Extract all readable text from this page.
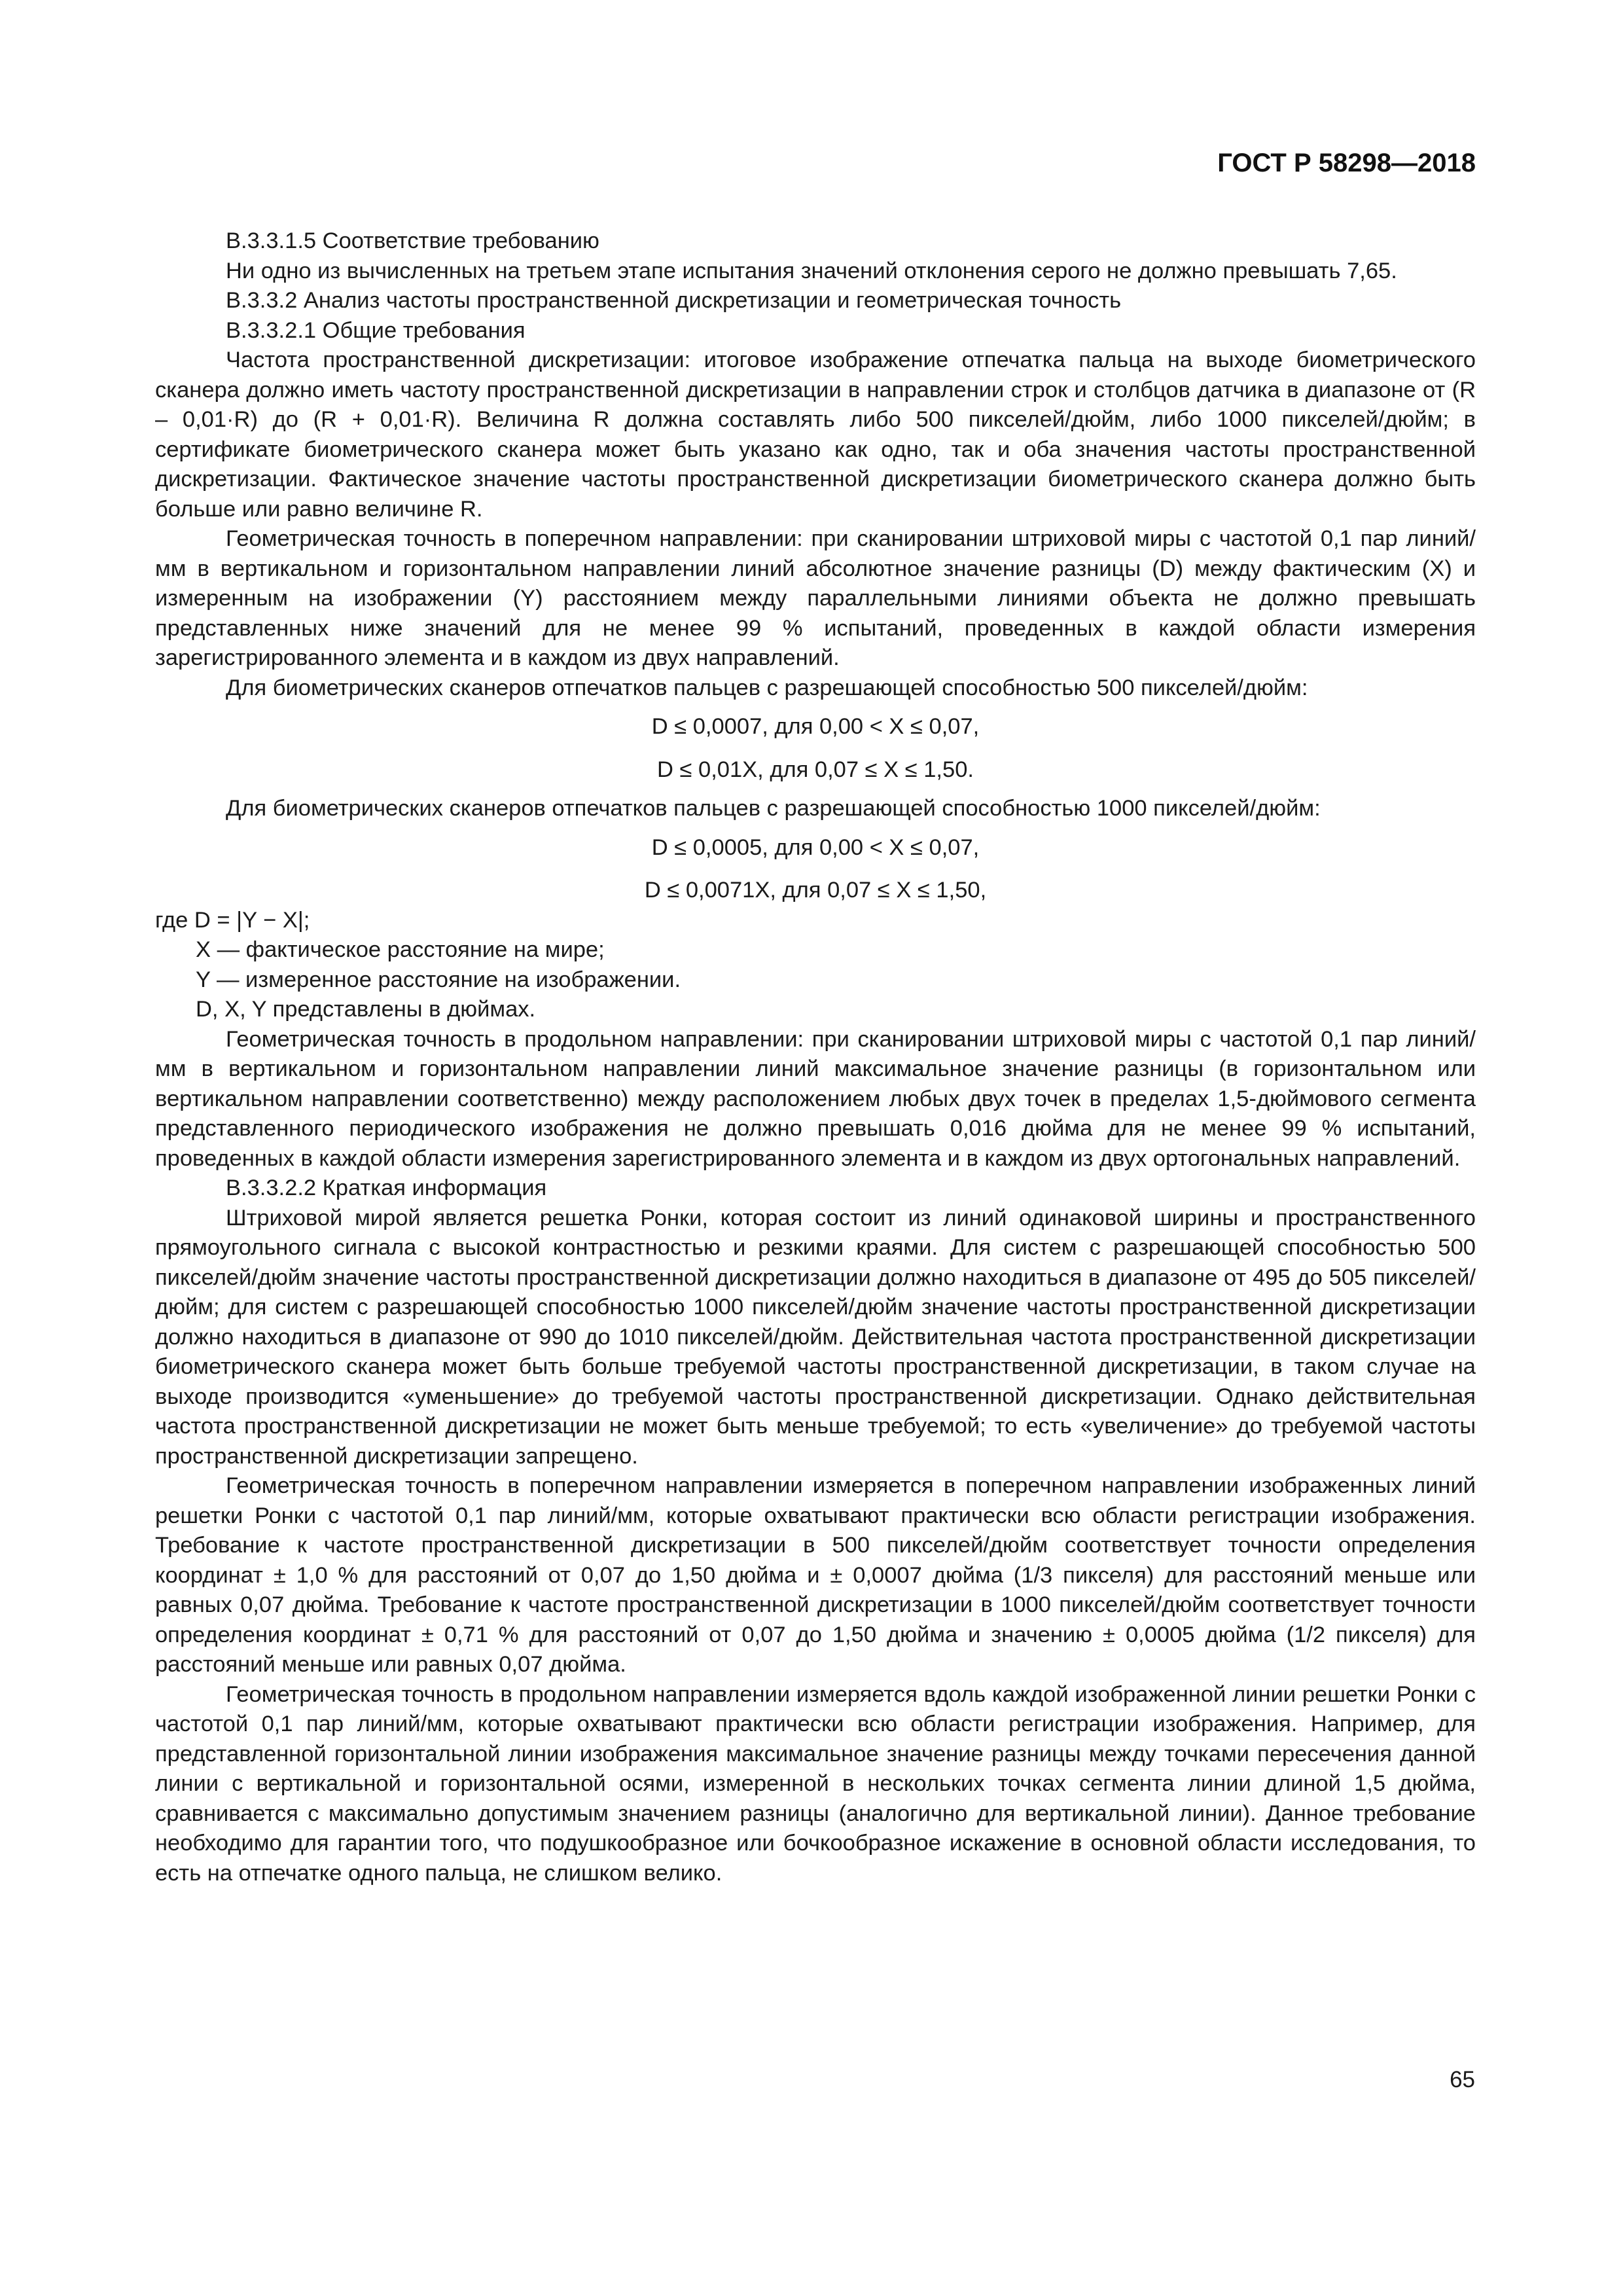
ГОСТ Р 58298—2018

В.3.3.1.5 Соответствие требованию

Ни одно из вычисленных на третьем этапе испытания значений отклонения серого не должно превышать 7,65.

В.3.3.2 Анализ частоты пространственной дискретизации и геометрическая точность

В.3.3.2.1 Общие требования

Частота пространственной дискретизации: итоговое изображение отпечатка пальца на выходе биометрического сканера должно иметь частоту пространственной дискретизации в направлении строк и столбцов датчика в диапазоне от (R – 0,01·R) до (R + 0,01·R). Величина R должна составлять либо 500 пикселей/дюйм, либо 1000 пикселей/дюйм; в сертификате биометрического сканера может быть указано как одно, так и оба значения частоты пространственной дискретизации. Фактическое значение частоты пространственной дискретизации биометрического сканера должно быть больше или равно величине R.

Геометрическая точность в поперечном направлении: при сканировании штриховой миры с частотой 0,1 пар линий/мм в вертикальном и горизонтальном направлении линий абсолютное значение разницы (D) между фактическим (X) и измеренным на изображении (Y) расстоянием между параллельными линиями объекта не должно превышать представленных ниже значений для не менее 99 % испытаний, проведенных в каждой области измерения зарегистрированного элемента и в каждом из двух направлений.

Для биометрических сканеров отпечатков пальцев с разрешающей способностью 500 пикселей/дюйм:

D ≤ 0,0007, для 0,00 < X ≤ 0,07,

D ≤ 0,01X, для 0,07 ≤ X ≤ 1,50.

Для биометрических сканеров отпечатков пальцев с разрешающей способностью 1000 пикселей/дюйм:

D ≤ 0,0005, для 0,00 < X ≤ 0,07,

D ≤ 0,0071X, для 0,07 ≤ X ≤ 1,50,

где D = |Y − X|;

X — фактическое расстояние на мире;

Y — измеренное расстояние на изображении.

D, X, Y представлены в дюймах.

Геометрическая точность в продольном направлении: при сканировании штриховой миры с частотой 0,1 пар линий/мм в вертикальном и горизонтальном направлении линий максимальное значение разницы (в горизонтальном или вертикальном направлении соответственно) между расположением любых двух точек в пределах 1,5-дюймового сегмента представленного периодического изображения не должно превышать 0,016 дюйма для не менее 99 % испытаний, проведенных в каждой области измерения зарегистрированного элемента и в каждом из двух ортогональных направлений.

В.3.3.2.2 Краткая информация

Штриховой мирой является решетка Ронки, которая состоит из линий одинаковой ширины и пространственного прямоугольного сигнала с высокой контрастностью и резкими краями. Для систем с разрешающей способностью 500 пикселей/дюйм значение частоты пространственной дискретизации должно находиться в диапазоне от 495 до 505 пикселей/дюйм; для систем с разрешающей способностью 1000 пикселей/дюйм значение частоты пространственной дискретизации должно находиться в диапазоне от 990 до 1010 пикселей/дюйм. Действительная частота пространственной дискретизации биометрического сканера может быть больше требуемой частоты пространственной дискретизации, в таком случае на выходе производится «уменьшение» до требуемой частоты пространственной дискретизации. Однако действительная частота пространственной дискретизации не может быть меньше требуемой; то есть «увеличение» до требуемой частоты пространственной дискретизации запрещено.

Геометрическая точность в поперечном направлении измеряется в поперечном направлении изображенных линий решетки Ронки с частотой 0,1 пар линий/мм, которые охватывают практически всю области регистрации изображения. Требование к частоте пространственной дискретизации в 500 пикселей/дюйм соответствует точности определения координат ± 1,0 % для расстояний от 0,07 до 1,50 дюйма и ± 0,0007 дюйма (1/3 пикселя) для расстояний меньше или равных 0,07 дюйма. Требование к частоте пространственной дискретизации в 1000 пикселей/дюйм соответствует точности определения координат ± 0,71 % для расстояний от 0,07 до 1,50 дюйма и значению ± 0,0005 дюйма (1/2 пикселя) для расстояний меньше или равных 0,07 дюйма.

Геометрическая точность в продольном направлении измеряется вдоль каждой изображенной линии решетки Ронки с частотой 0,1 пар линий/мм, которые охватывают практически всю области регистрации изображения. Например, для представленной горизонтальной линии изображения максимальное значение разницы между точками пересечения данной линии с вертикальной и горизонтальной осями, измеренной в нескольких точках сегмента линии длиной 1,5 дюйма, сравнивается с максимально допустимым значением разницы (аналогично для вертикальной линии). Данное требование необходимо для гарантии того, что подушкообразное или бочкообразное искажение в основной области исследования, то есть на отпечатке одного пальца, не слишком велико.

65
